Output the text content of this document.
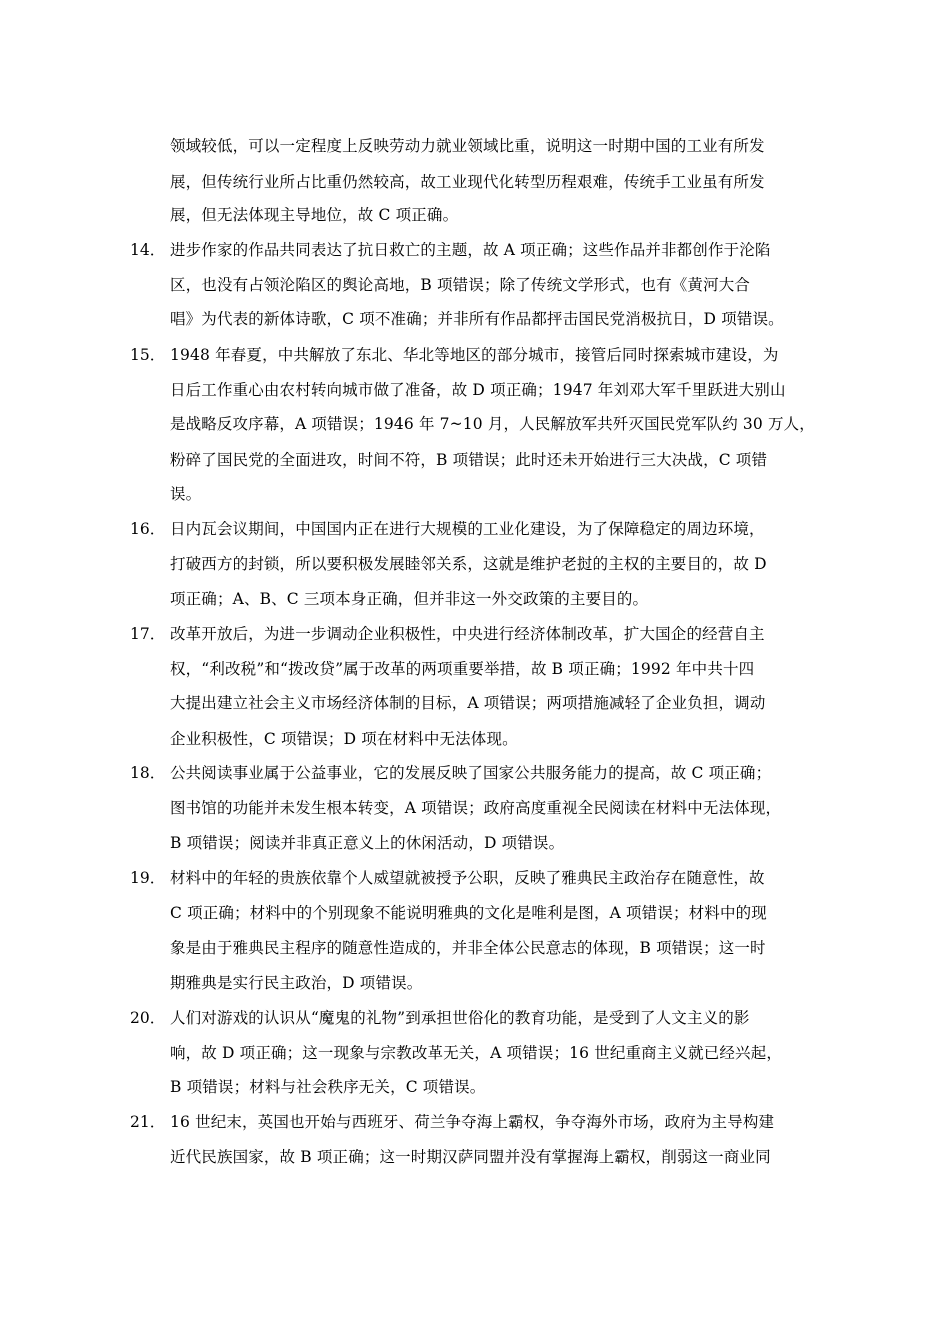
领域较低，可以一定程度上反映劳动力就业领域比重，说明这一时期中国的工业有所发
展，但传统行业所占比重仍然较高，故工业现代化转型历程艰难，传统手工业虽有所发
展，但无法体现主导地位，故 C 项正确。
14． 进步作家的作品共同表达了抗日救亡的主题，故 A 项正确；这些作品并非都创作于沦陷
区，也没有占领沦陷区的舆论高地，B 项错误；除了传统文学形式，也有《黄河大合
唱》为代表的新体诗歌，C 项不准确；并非所有作品都抨击国民党消极抗日，D 项错误。
15． 1948 年春夏，中共解放了东北、华北等地区的部分城市，接管后同时探索城市建设，为
日后工作重心由农村转向城市做了准备，故 D 项正确；1947 年刘邓大军千里跃进大别山
是战略反攻序幕，A 项错误；1946 年 7~10 月，人民解放军共歼灭国民党军队约 30 万人，
粉碎了国民党的全面进攻，时间不符，B 项错误；此时还未开始进行三大决战，C 项错
误。
16． 日内瓦会议期间，中国国内正在进行大规模的工业化建设，为了保障稳定的周边环境，
打破西方的封锁，所以要积极发展睦邻关系，这就是维护老挝的主权的主要目的，故 D
项正确；A、B、C 三项本身正确，但并非这一外交政策的主要目的。
17． 改革开放后，为进一步调动企业积极性，中央进行经济体制改革，扩大国企的经营自主
权，“利改税”和“拨改贷”属于改革的两项重要举措，故 B 项正确；1992 年中共十四
大提出建立社会主义市场经济体制的目标，A 项错误；两项措施减轻了企业负担，调动
企业积极性，C 项错误；D 项在材料中无法体现。
18． 公共阅读事业属于公益事业，它的发展反映了国家公共服务能力的提高，故 C 项正确；
图书馆的功能并未发生根本转变，A 项错误；政府高度重视全民阅读在材料中无法体现，
B 项错误；阅读并非真正意义上的休闲活动，D 项错误。
19． 材料中的年轻的贵族依靠个人威望就被授予公职，反映了雅典民主政治存在随意性，故
C 项正确；材料中的个别现象不能说明雅典的文化是唯利是图，A 项错误；材料中的现
象是由于雅典民主程序的随意性造成的，并非全体公民意志的体现，B 项错误；这一时
期雅典是实行民主政治，D 项错误。
20． 人们对游戏的认识从“魔鬼的礼物”到承担世俗化的教育功能，是受到了人文主义的影
响，故 D 项正确；这一现象与宗教改革无关，A 项错误；16 世纪重商主义就已经兴起，
B 项错误；材料与社会秩序无关，C 项错误。
21． 16 世纪末，英国也开始与西班牙、荷兰争夺海上霸权，争夺海外市场，政府为主导构建
近代民族国家，故 B 项正确；这一时期汉萨同盟并没有掌握海上霸权，削弱这一商业同
